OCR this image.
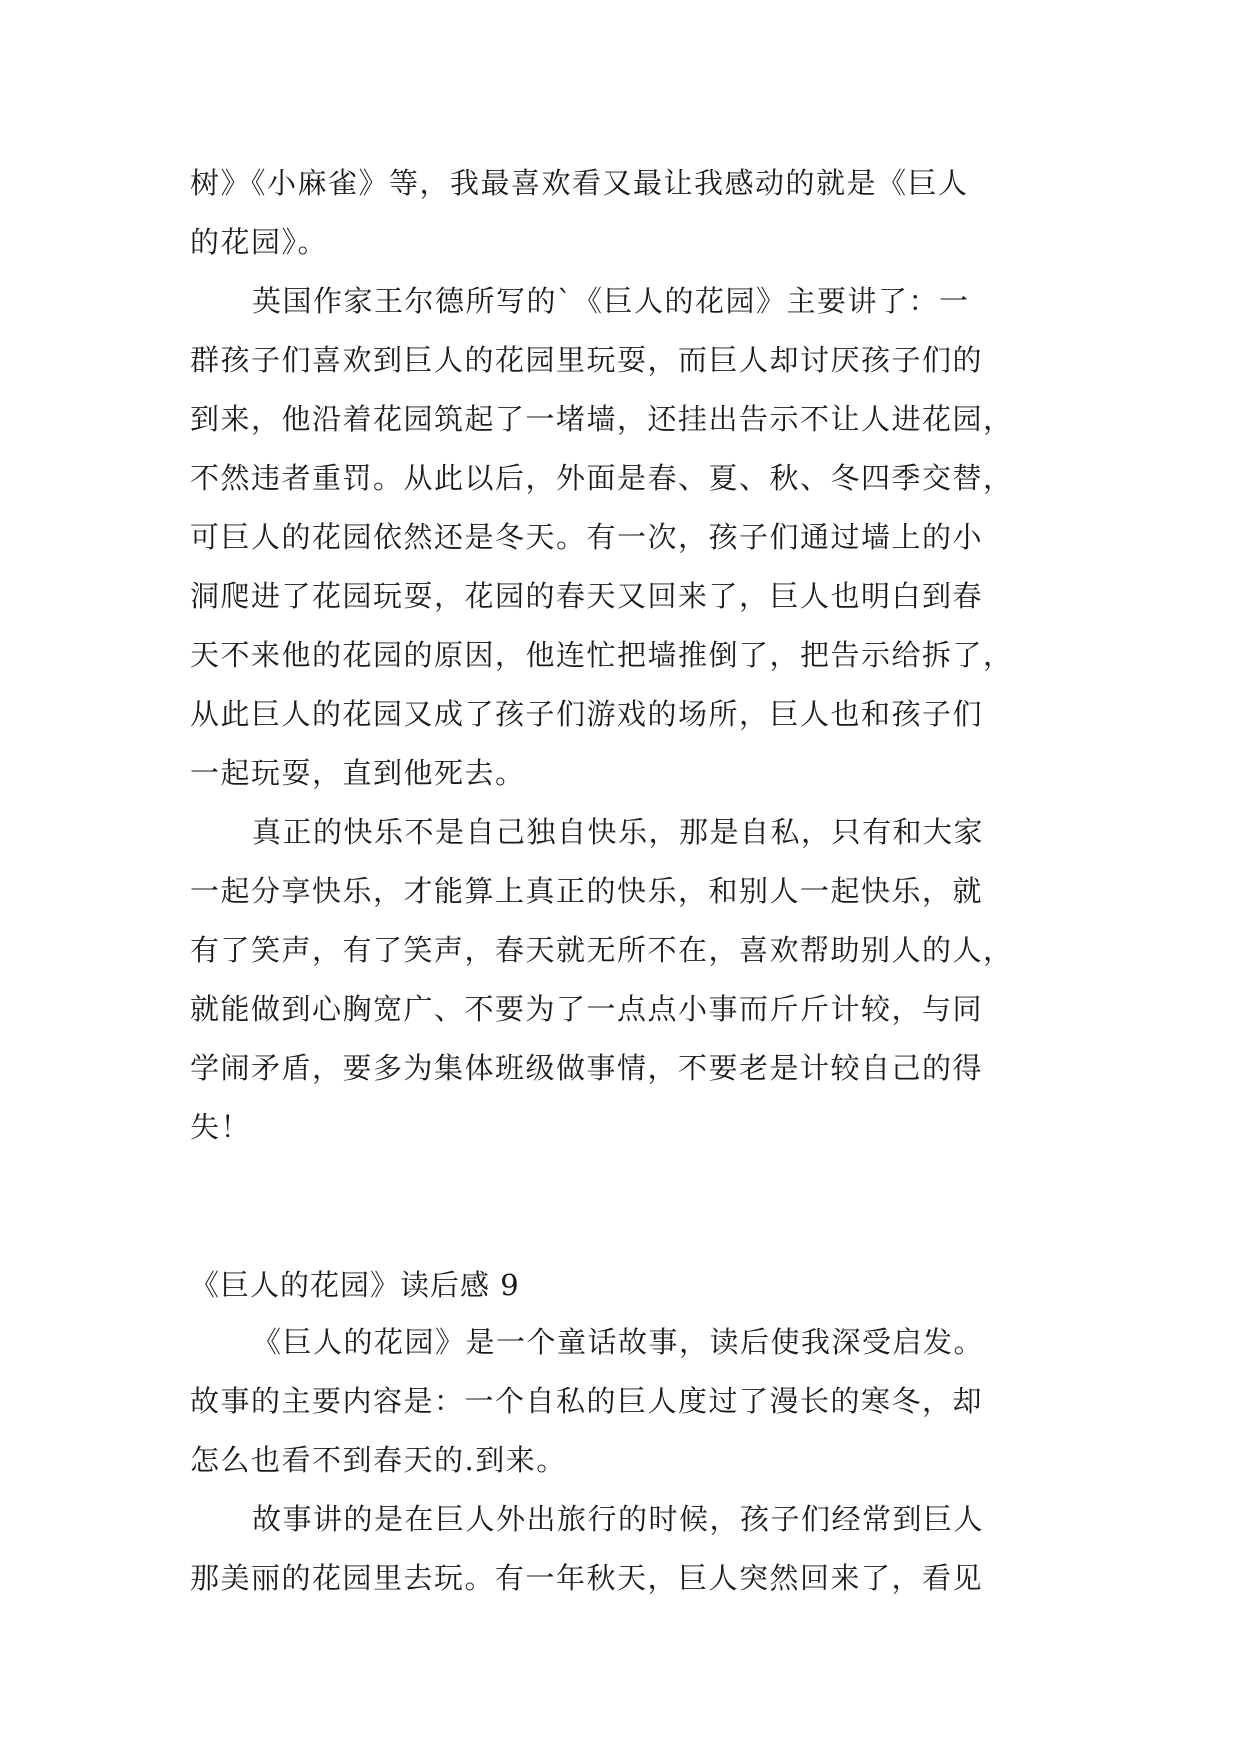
树》《小麻雀》等，我最喜欢看又最让我感动的就是《巨人
的花园》。
英国作家王尔德所写的`《巨人的花园》主要讲了：一
群孩子们喜欢到巨人的花园里玩耍，而巨人却讨厌孩子们的
到来，他沿着花园筑起了一堵墙，还挂出告示不让人进花园，
不然违者重罚。从此以后，外面是春、夏、秋、冬四季交替，
可巨人的花园依然还是冬天。有一次，孩子们通过墙上的小
洞爬进了花园玩耍，花园的春天又回来了，巨人也明白到春
天不来他的花园的原因，他连忙把墙推倒了，把告示给拆了，
从此巨人的花园又成了孩子们游戏的场所，巨人也和孩子们
一起玩耍，直到他死去。
真正的快乐不是自己独自快乐，那是自私，只有和大家
一起分享快乐，才能算上真正的快乐，和别人一起快乐，就
有了笑声，有了笑声，春天就无所不在，喜欢帮助别人的人，
就能做到心胸宽广、不要为了一点点小事而斤斤计较，与同
学闹矛盾，要多为集体班级做事情，不要老是计较自己的得
失！
《巨人的花园》读后感 9
《巨人的花园》是一个童话故事，读后使我深受启发。
故事的主要内容是：一个自私的巨人度过了漫长的寒冬，却
怎么也看不到春天的.到来。
故事讲的是在巨人外出旅行的时候，孩子们经常到巨人
那美丽的花园里去玩。有一年秋天，巨人突然回来了，看见
